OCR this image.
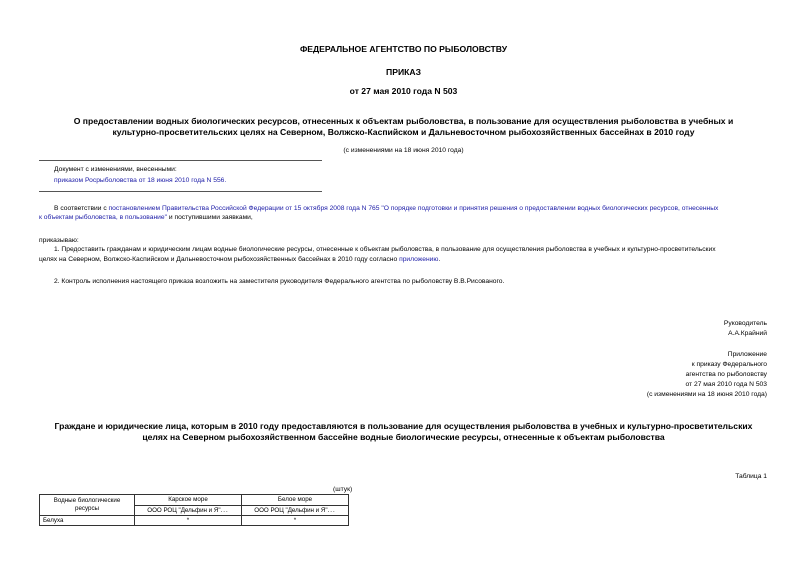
ФЕДЕРАЛЬНОЕ АГЕНТСТВО ПО РЫБОЛОВСТВУ
ПРИКАЗ
от 27 мая 2010 года N 503
О предоставлении водных биологических ресурсов, отнесенных к объектам рыболовства, в пользование для осуществления рыболовства в учебных и
культурно-просветительских целях на Северном, Волжско-Каспийском и Дальневосточном рыбохозяйственных бассейнах в 2010 году
(с изменениями на 18 июня 2010 года)
Документ с изменениями, внесенными:
приказом Росрыболовства от 18 июня 2010 года N 556.
В соответствии с постановлением Правительства Российской Федерации от 15 октября 2008 года N 765 "О порядке подготовки и принятия решения о предоставлении водных биологических ресурсов, отнесенных
к объектам рыболовства, в пользование" и поступившими заявками,
приказываю:
1. Предоставить гражданам и юридическим лицам водные биологические ресурсы, отнесенные к объектам рыболовства, в пользование для осуществления рыболовства в учебных и культурно-просветительских
целях на Северном, Волжско-Каспийском и Дальневосточном рыбохозяйственных бассейнах в 2010 году согласно приложению.
2. Контроль исполнения настоящего приказа возложить на заместителя руководителя Федерального агентства по рыболовству В.В.Рисованого.
Руководитель
А.А.Крайний
Приложение
к приказу Федерального
агентства по рыболовству
от 27 мая 2010 года N 503
(с изменениями на 18 июня 2010 года)
Граждане и юридические лица, которым в 2010 году предоставляются в пользование для осуществления рыболовства в учебных и культурно-просветительских
целях на Северном рыбохозяйственном бассейне водные биологические ресурсы, отнесенные к объектам рыболовства
Таблица 1
(штук)
Водные биологические
ресурсы	Карское море	Белое море
	ООО РОЦ "Дельфин и Я"...	ООО РОЦ "Дельфин и Я"...
Белуха	*	*
